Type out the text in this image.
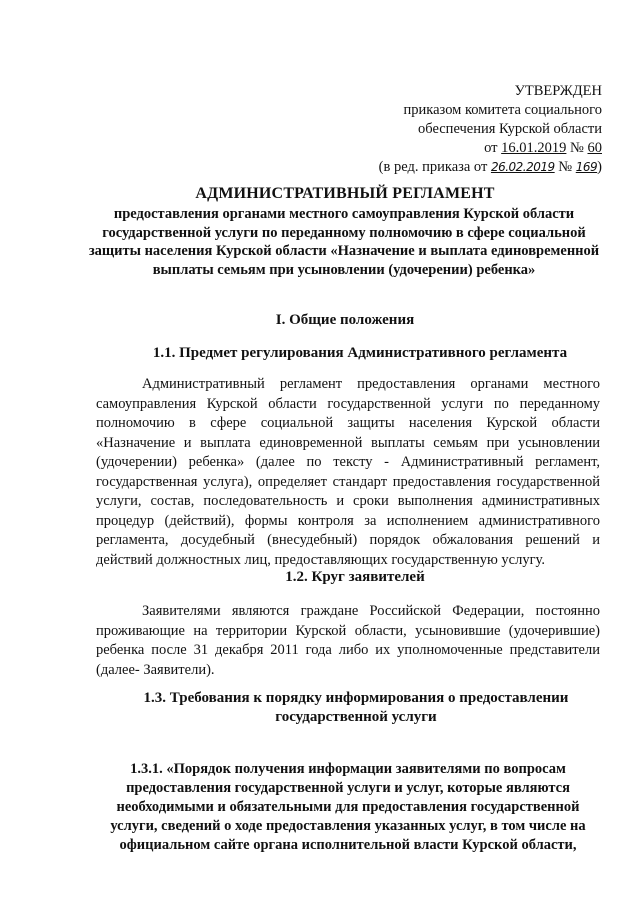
УТВЕРЖДЕН
приказом комитета социального
обеспечения Курской области
от 16.01.2019 № 60
(в ред. приказа от 26.02.2019 № 169)
АДМИНИСТРАТИВНЫЙ РЕГЛАМЕНТ
предоставления органами местного самоуправления Курской области государственной услуги по переданному полномочию в сфере социальной защиты населения Курской области «Назначение и выплата единовременной выплаты семьям при усыновлении (удочерении) ребенка»
I. Общие положения
1.1. Предмет регулирования Административного регламента
Административный регламент предоставления органами местного самоуправления Курской области государственной услуги по переданному полномочию в сфере социальной защиты населения Курской области «Назначение и выплата единовременной выплаты семьям при усыновлении (удочерении) ребенка» (далее по тексту - Административный регламент, государственная услуга), определяет стандарт предоставления государственной услуги, состав, последовательность и сроки выполнения административных процедур (действий), формы контроля за исполнением административного регламента, досудебный (внесудебный) порядок обжалования решений и действий должностных лиц, предоставляющих государственную услугу.
1.2. Круг заявителей
Заявителями являются граждане Российской Федерации, постоянно проживающие на территории Курской области, усыновившие (удочерившие) ребенка после 31 декабря 2011 года либо их уполномоченные представители (далее- Заявители).
1.3. Требования к порядку информирования о предоставлении
государственной услуги
1.3.1. «Порядок получения информации заявителями по вопросам предоставления государственной услуги и услуг, которые являются необходимыми и обязательными для предоставления государственной услуги, сведений о ходе предоставления указанных услуг, в том числе на официальном сайте органа исполнительной власти Курской области,
